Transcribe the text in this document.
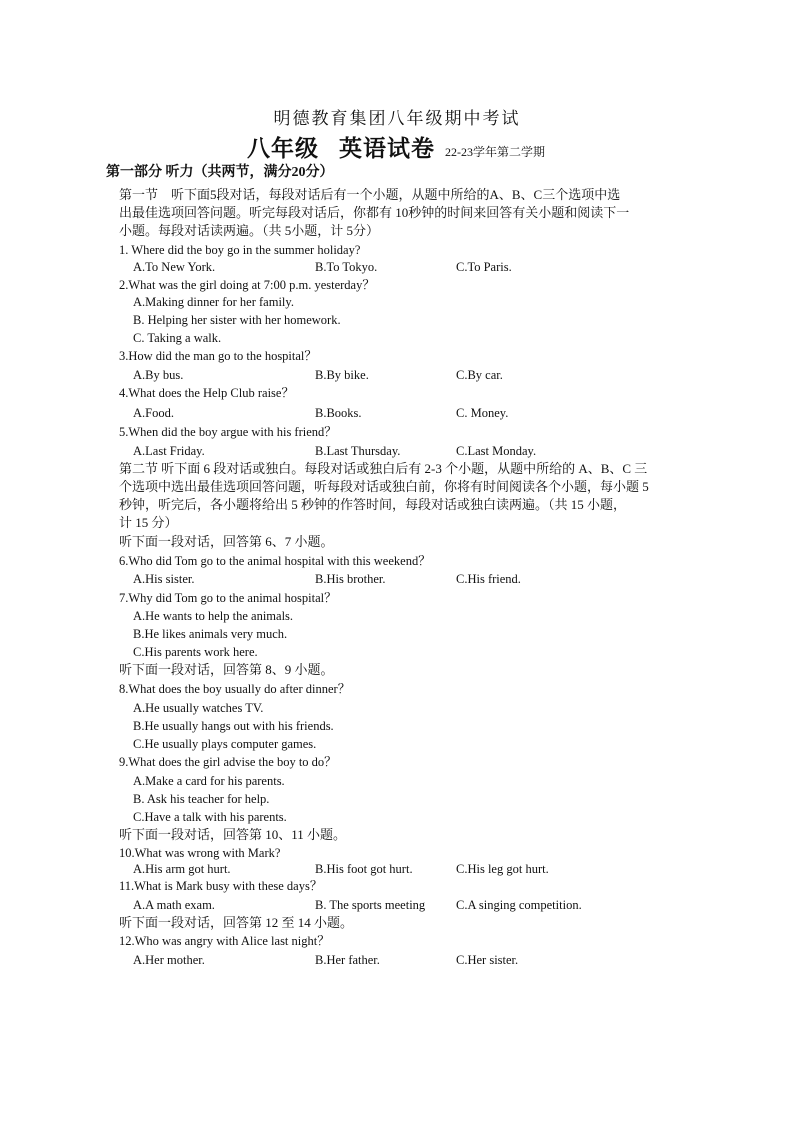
明德教育集团八年级期中考试
八年级 英语试卷 22-23学年第二学期
第一部分 听力（共两节，满分20分）
第一节　听下面5段对话，每段对话后有一个小题，从题中所给的A、B、C三个选项中选
出最佳选项回答问题。听完每段对话后，你都有 10秒钟的时间来回答有关小题和阅读下一
小题。每段对话读两遍。（共 5小题，计 5分）
1. Where did the boy go in the summer holiday?
A.To New York.	B.To Tokyo.	C.To Paris.
2.What was the girl doing at 7:00 p.m. yesterday？
A.Making dinner for her family.
B. Helping her sister with her homework.
C. Taking a walk.
3.How did the man go to the hospital？
A.By bus.	B.By bike.	C.By car.
4.What does the Help Club raise？
A.Food.	B.Books.	C. Money.
5.When did the boy argue with his friend？
A.Last Friday.	B.Last Thursday.	C.Last Monday.
第二节 听下面 6 段对话或独白。每段对话或独白后有 2-3 个小题，从题中所给的 A、B、C 三
个选项中选出最佳选项回答问题，听每段对话或独白前，你将有时间阅读各个小题，每小题 5
秒钟，听完后，各小题将给出 5 秒钟的作答时间，每段对话或独白读两遍。（共 15 小题，
计 15 分）
听下面一段对话，回答第 6、7 小题。
6.Who did Tom go to the animal hospital with this weekend？
A.His sister.	B.His brother.	C.His friend.
7.Why did Tom go to the animal hospital？
A.He wants to help the animals.
B.He likes animals very much.
C.His parents work here.
听下面一段对话，回答第 8、9 小题。
8.What does the boy usually do after dinner？
A.He usually watches TV.
B.He usually hangs out with his friends.
C.He usually plays computer games.
9.What does the girl advise the boy to do？
A.Make a card for his parents.
B. Ask his teacher for help.
C.Have a talk with his parents.
听下面一段对话，回答第 10、11 小题。
10.What was wrong with Mark?
A.His arm got hurt.	B.His foot got hurt.	C.His leg got hurt.
11.What is Mark busy with these days？
A.A math exam.	B. The sports meeting C.A singing competition.
听下面一段对话，回答第 12 至 14 小题。
12.Who was angry with Alice last night？
A.Her mother.	B.Her father.	C.Her sister.
